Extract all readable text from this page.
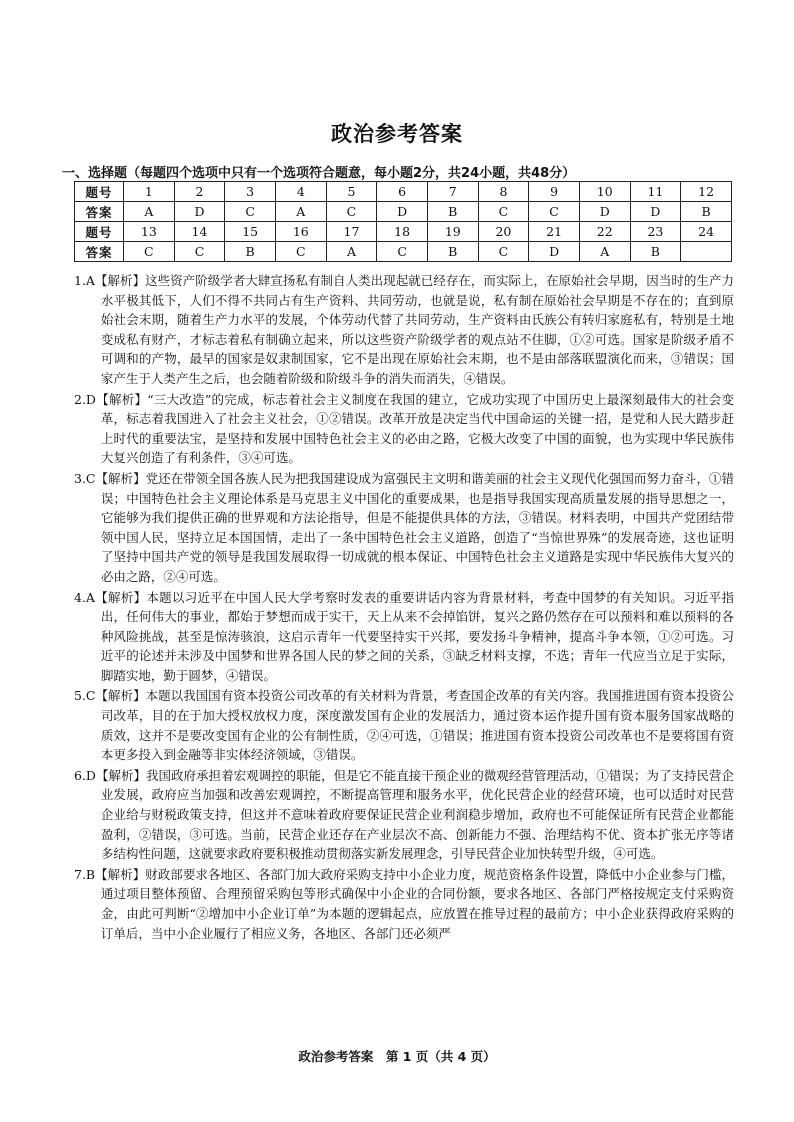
政治参考答案
一、选择题（每题四个选项中只有一个选项符合题意，每小题2分，共24小题，共48分）
题号	1	2	3	4	5	6	7	8	9	10	11	12
答案	A	D	C	A	C	D	B	C	C	D	D	B
题号	13	14	15	16	17	18	19	20	21	22	23	24
答案	C	C	B	C	A	C	B	C	D	A	B	

1.A【解析】这些资产阶级学者大肆宣扬私有制自人类出现起就已经存在，而实际上，在原始社会早期，因当时的生产力水平极其低下，人们不得不共同占有生产资料、共同劳动，也就是说，私有制在原始社会早期是不存在的；直到原始社会末期，随着生产力水平的发展，个体劳动代替了共同劳动，生产资料由氏族公有转归家庭私有，特别是土地变成私有财产，才标志着私有制确立起来，所以这些资产阶级学者的观点站不住脚，①②可选。国家是阶级矛盾不可调和的产物，最早的国家是奴隶制国家，它不是出现在原始社会末期，也不是由部落联盟演化而来，③错误；国家产生于人类产生之后，也会随着阶级和阶级斗争的消失而消失，④错误。

2.D【解析】“三大改造”的完成，标志着社会主义制度在我国的建立，它成功实现了中国历史上最深刻最伟大的社会变革，标志着我国进入了社会主义社会，①②错误。改革开放是决定当代中国命运的关键一招，是党和人民大踏步赶上时代的重要法宝，是坚持和发展中国特色社会主义的必由之路，它极大改变了中国的面貌，也为实现中华民族伟大复兴创造了有利条件，③④可选。

3.C【解析】党还在带领全国各族人民为把我国建设成为富强民主文明和谐美丽的社会主义现代化强国而努力奋斗，①错误；中国特色社会主义理论体系是马克思主义中国化的重要成果，也是指导我国实现高质量发展的指导思想之一，它能够为我们提供正确的世界观和方法论指导，但是不能提供具体的方法，③错误。材料表明，中国共产党团结带领中国人民，坚持立足本国国情，走出了一条中国特色社会主义道路，创造了“当惊世界殊”的发展奇迹，这也证明了坚持中国共产党的领导是我国发展取得一切成就的根本保证、中国特色社会主义道路是实现中华民族伟大复兴的必由之路，②④可选。

4.A【解析】本题以习近平在中国人民大学考察时发表的重要讲话内容为背景材料，考查中国梦的有关知识。习近平指出，任何伟大的事业，都始于梦想而成于实干，天上从来不会掉馅饼，复兴之路仍然存在可以预料和难以预料的各种风险挑战，甚至是惊涛骇浪，这启示青年一代要坚持实干兴邦，要发扬斗争精神，提高斗争本领，①②可选。习近平的论述并未涉及中国梦和世界各国人民的梦之间的关系，③缺乏材料支撑，不选；青年一代应当立足于实际，脚踏实地，勤于圆梦，④错误。

5.C【解析】本题以我国国有资本投资公司改革的有关材料为背景，考查国企改革的有关内容。我国推进国有资本投资公司改革，目的在于加大授权放权力度，深度激发国有企业的发展活力，通过资本运作提升国有资本服务国家战略的质效，这并不是要改变国有企业的公有制性质，②④可选，①错误；推进国有资本投资公司改革也不是要将国有资本更多投入到金融等非实体经济领域，③错误。

6.D【解析】我国政府承担着宏观调控的职能，但是它不能直接干预企业的微观经营管理活动，①错误；为了支持民营企业发展，政府应当加强和改善宏观调控，不断提高管理和服务水平，优化民营企业的经营环境，也可以适时对民营企业给与财税政策支持，但这并不意味着政府要保证民营企业利润稳步增加，政府也不可能保证所有民营企业都能盈利，②错误，③可选。当前，民营企业还存在产业层次不高、创新能力不强、治理结构不优、资本扩张无序等诸多结构性问题，这就要求政府要积极推动贯彻落实新发展理念，引导民营企业加快转型升级，④可选。

7.B【解析】财政部要求各地区、各部门加大政府采购支持中小企业力度，规范资格条件设置，降低中小企业参与门槛，通过项目整体预留、合理预留采购包等形式确保中小企业的合同份额，要求各地区、各部门严格按规定支付采购资金，由此可判断“②增加中小企业订单”为本题的逻辑起点，应放置在推导过程的最前方；中小企业获得政府采购的订单后，当中小企业履行了相应义务，各地区、各部门还必须严

政治参考答案　第 1 页（共 4 页）
